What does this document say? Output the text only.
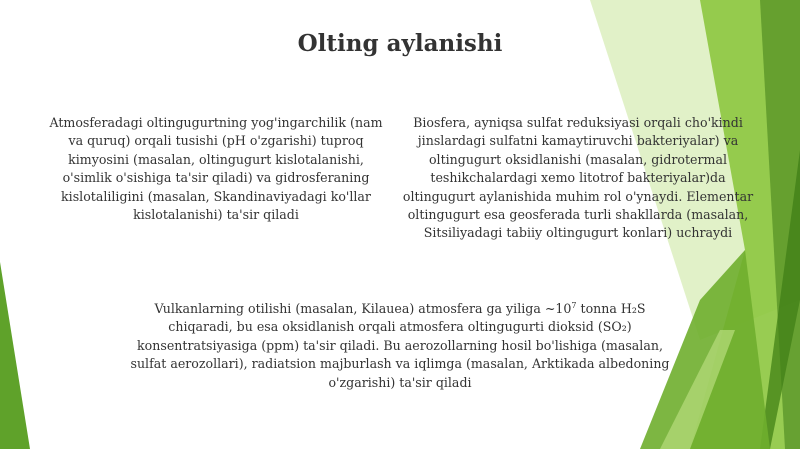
Olting aylanishi

Atmosferadagi oltingugurtning yog'ingarchilik (nam va quruq) orqali tusishi (pH o'zgarishi) tuproq kimyosini (masalan, oltingugurt kislotalanishi, o'simlik o'sishiga ta'sir qiladi) va gidrosferaning kislotaliligini (masalan, Skandinaviyadagi ko'llar kislotalanishi) ta'sir qiladi

Biosfera, ayniqsa sulfat reduksiyasi orqali cho'kindi jinslardagi sulfatni kamaytiruvchi bakteriyalar) va oltingugurt oksidlanishi (masalan, gidrotermal teshikchalardagi xemo litotrof bakteriyalar)da oltingugurt aylanishida muhim rol o'ynaydi. Elementar oltingugurt esa geosferada turli shakllarda (masalan, Sitsiliyadagi tabiiy oltingugurt konlari) uchraydi

Vulkanlarning otilishi (masalan, Kilauea) atmosfera ga yiliga $\sim 10^7$ tonna H₂S chiqaradi, bu esa oksidlanish orqali atmosfera oltingugurti dioksid (SO₂) konsentratsiyasiga (ppm) ta'sir qiladi. Bu aerozollarning hosil bo'lishiga (masalan, sulfat aerozollari), radiatsion majburlash va iqlimga (masalan, Arktikada albedoning o'zgarishi) ta'sir qiladi
